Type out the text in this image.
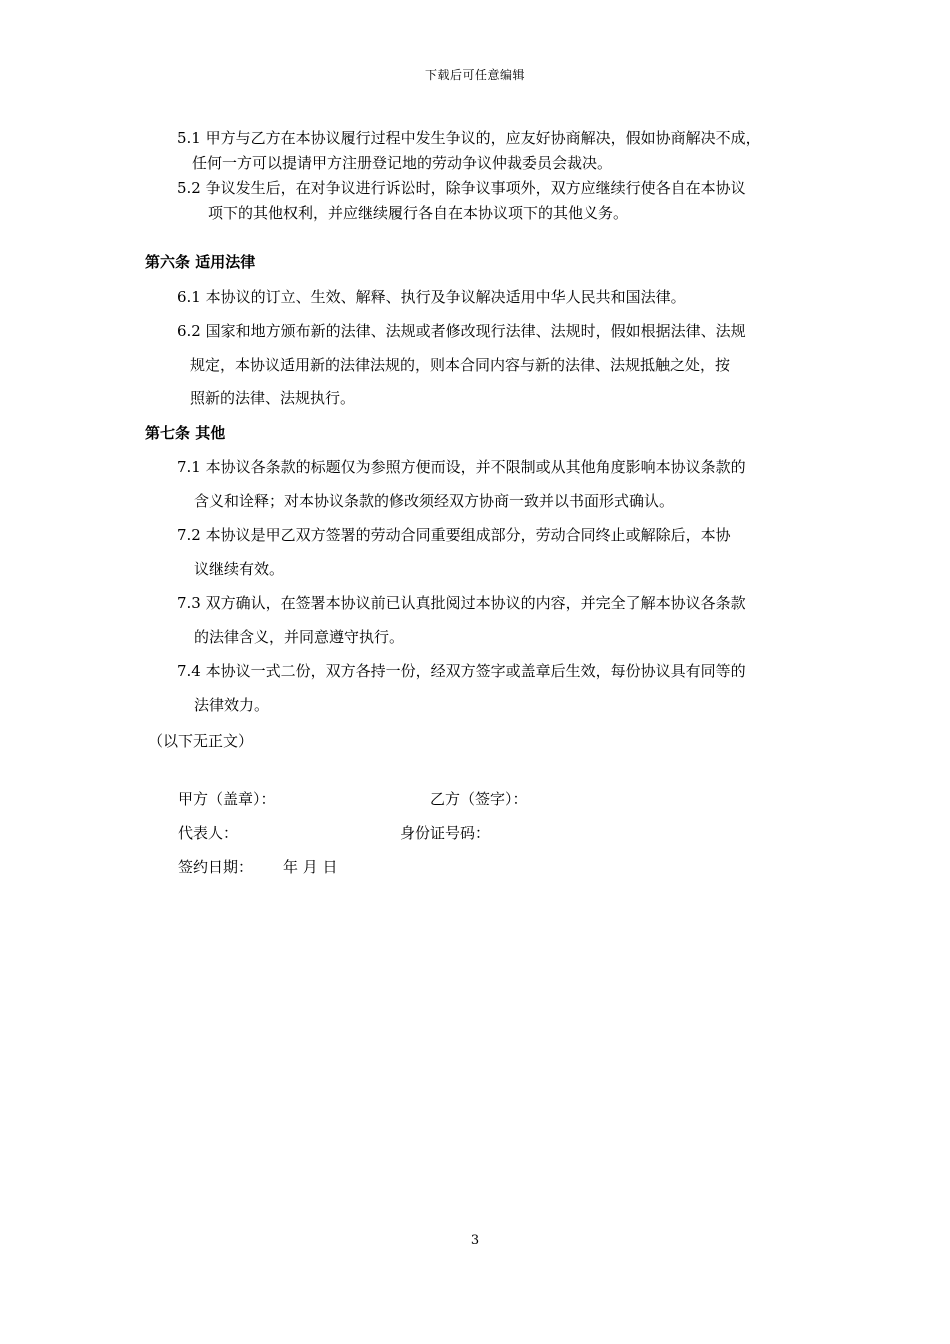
下载后可任意编辑
5.1 甲方与乙方在本协议履行过程中发生争议的，应友好协商解决，假如协商解决不成，
任何一方可以提请甲方注册登记地的劳动争议仲裁委员会裁决。
5.2 争议发生后，在对争议进行诉讼时，除争议事项外，双方应继续行使各自在本协议
项下的其他权利，并应继续履行各自在本协议项下的其他义务。
第六条 适用法律
6.1 本协议的订立、生效、解释、执行及争议解决适用中华人民共和国法律。
6.2 国家和地方颁布新的法律、法规或者修改现行法律、法规时，假如根据法律、法规
规定，本协议适用新的法律法规的，则本合同内容与新的法律、法规抵触之处，按
照新的法律、法规执行。
第七条 其他
7.1 本协议各条款的标题仅为参照方便而设，并不限制或从其他角度影响本协议条款的
含义和诠释；对本协议条款的修改须经双方协商一致并以书面形式确认。
7.2 本协议是甲乙双方签署的劳动合同重要组成部分，劳动合同终止或解除后，本协
议继续有效。
7.3 双方确认，在签署本协议前已认真批阅过本协议的内容，并完全了解本协议各条款
的法律含义，并同意遵守执行。
7.4 本协议一式二份，双方各持一份，经双方签字或盖章后生效，每份协议具有同等的
法律效力。
（以下无正文）
甲方（盖章）：	乙方（签字）：
代表人：	身份证号码：
签约日期： 年 月 日
3
